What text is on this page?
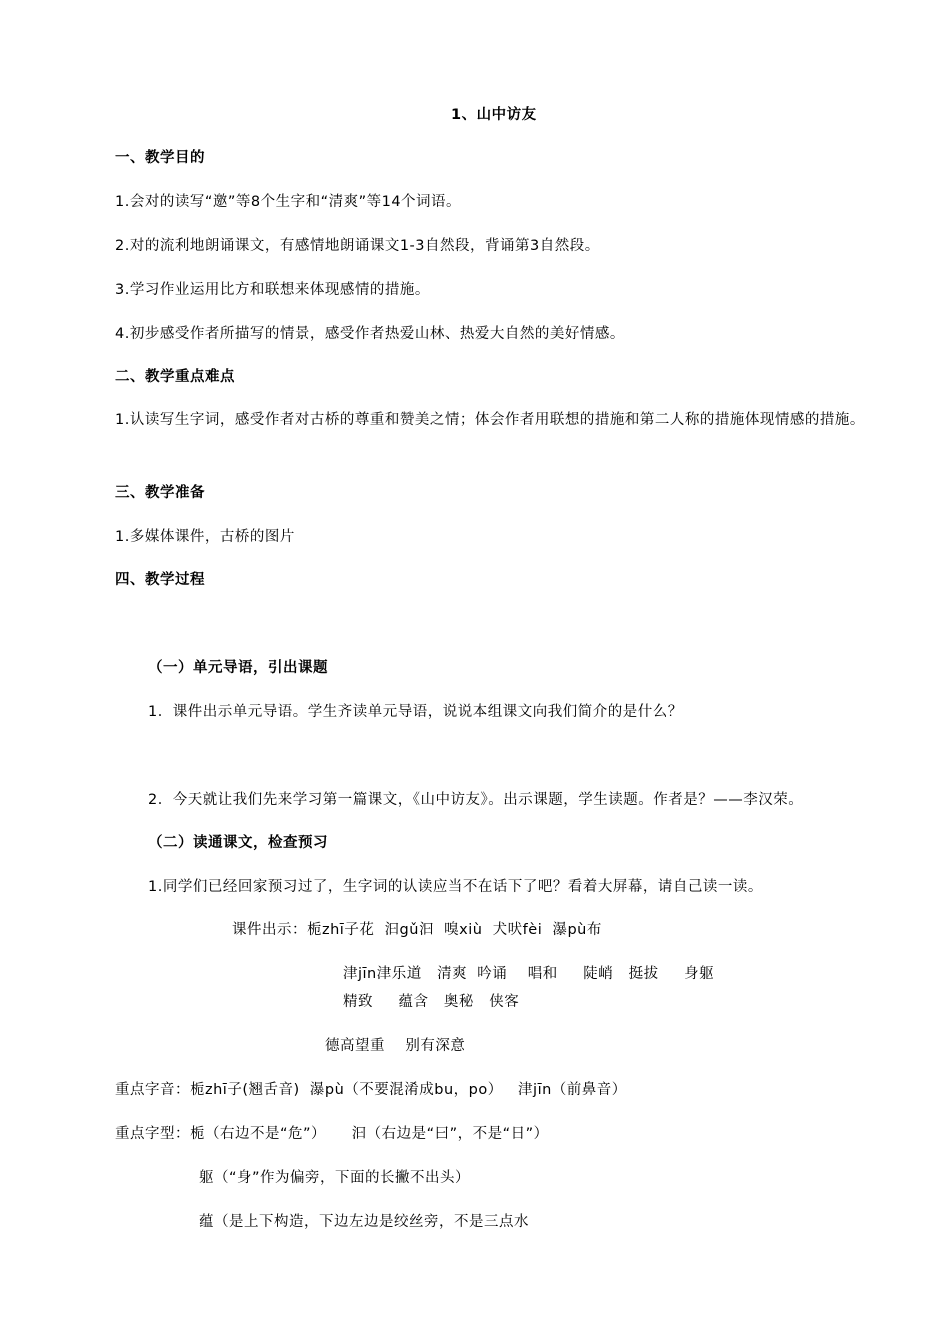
1、山中访友
一、教学目的
1.会对的读写“邀”等8个生字和“清爽”等14个词语。
2.对的流利地朗诵课文，有感情地朗诵课文1-3自然段，背诵第3自然段。
3.学习作业运用比方和联想来体现感情的措施。
4.初步感受作者所描写的情景，感受作者热爱山林、热爱大自然的美好情感。
二、教学重点难点
1.认读写生字词，感受作者对古桥的尊重和赞美之情；体会作者用联想的措施和第二人称的措施体现情感的措施。
三、教学准备
1.多媒体课件，古桥的图片
四、教学过程
（一）单元导语，引出课题
1．课件出示单元导语。学生齐读单元导语，说说本组课文向我们简介的是什么？
2．今天就让我们先来学习第一篇课文，《山中访友》。出示课题，学生读题。作者是？——李汉荣。
（二）读通课文，检查预习
1.同学们已经回家预习过了，生字词的认读应当不在话下了吧？看着大屏幕，请自己读一读。
课件出示：栀zhī子花  汩gǔ汩  嗅xiù  犬吠fèi  瀑pù布
津jīn津乐道   清爽  吟诵    唱和     陡峭   挺拔     身躯
精致     蕴含   奥秘   侠客
德高望重    别有深意
重点字音：栀zhī子(翘舌音)  瀑pù（不要混淆成bu，po）   津jīn（前鼻音）
重点字型：栀（右边不是“危”）     汩（右边是“曰”，不是“日”）
躯（“身”作为偏旁，下面的长撇不出头）
蕴（是上下构造，下边左边是绞丝旁，不是三点水
